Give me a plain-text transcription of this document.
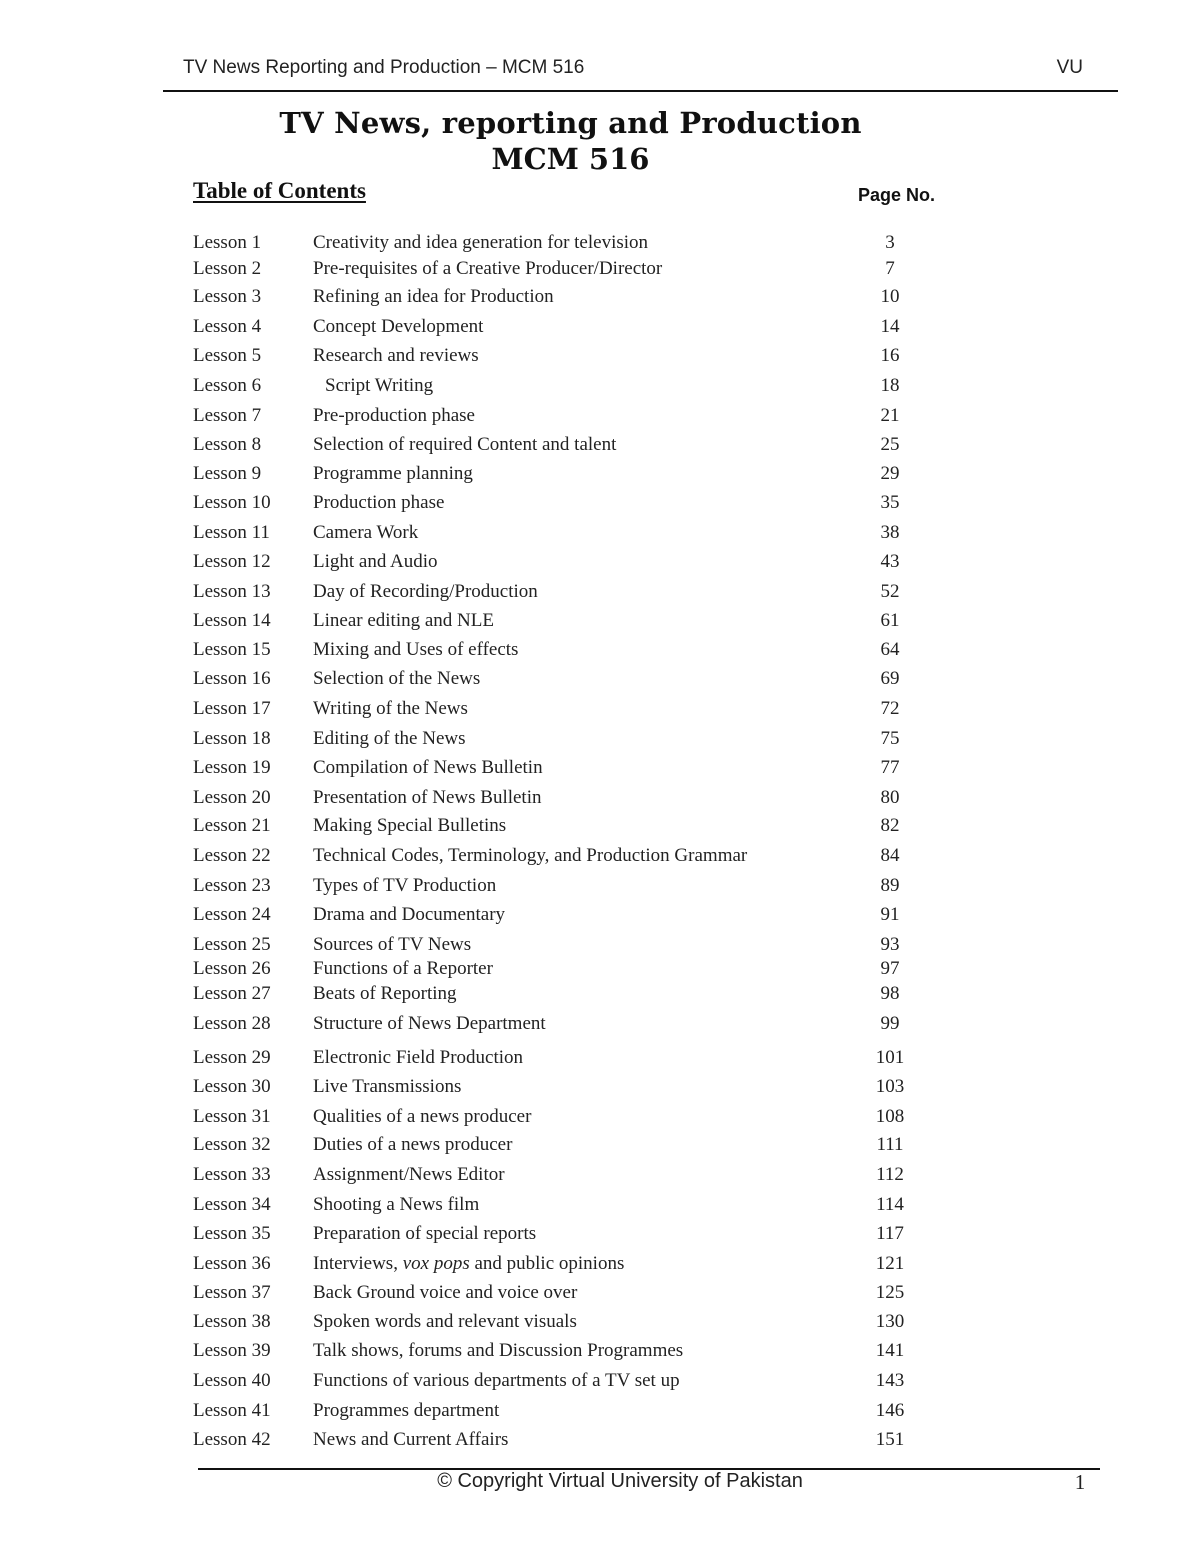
TV News Reporting and Production – MCM 516	VU
TV News, reporting and Production
MCM 516
Table of Contents	Page No.
Lesson 1	Creativity and idea generation for television	3
Lesson 2	Pre-requisites of a Creative Producer/Director	7
Lesson 3	Refining an idea for Production	10
Lesson 4	Concept Development	14
Lesson 5	Research and reviews	16
Lesson 6	Script Writing	18
Lesson 7	Pre-production phase	21
Lesson 8	Selection of required Content and talent	25
Lesson 9	Programme planning	29
Lesson 10 Production phase	35
Lesson 11 Camera Work	38
Lesson 12 Light and Audio	43
Lesson 13 Day of Recording/Production	52
Lesson 14 Linear editing and NLE	61
Lesson 15 Mixing and Uses of effects	64
Lesson 16 Selection of the News	69
Lesson 17 Writing of the News	72
Lesson 18 Editing of the News	75
Lesson 19 Compilation of News Bulletin	77
Lesson 20 Presentation of News Bulletin	80
Lesson 21 Making Special Bulletins	82
Lesson 22 Technical Codes, Terminology, and Production Grammar	84
Lesson 23 Types of TV Production	89
Lesson 24 Drama and Documentary	91
Lesson 25 Sources of TV News	93
Lesson 26 Functions of a Reporter	97
Lesson 27 Beats of Reporting	98
Lesson 28 Structure of News Department	99
Lesson 29 Electronic Field Production	101
Lesson 30 Live Transmissions	103
Lesson 31 Qualities of a news producer	108
Lesson 32 Duties of a news producer	111
Lesson 33 Assignment/News Editor	112
Lesson 34 Shooting a News film	114
Lesson 35 Preparation of special reports	117
Lesson 36 Interviews, vox pops and public opinions	121
Lesson 37 Back Ground voice and voice over	125
Lesson 38 Spoken words and relevant visuals	130
Lesson 39 Talk shows, forums and Discussion Programmes	141
Lesson 40 Functions of various departments of a TV set up	143
Lesson 41 Programmes department	146
Lesson 42 News and Current Affairs	151
© Copyright Virtual University of Pakistan	1
